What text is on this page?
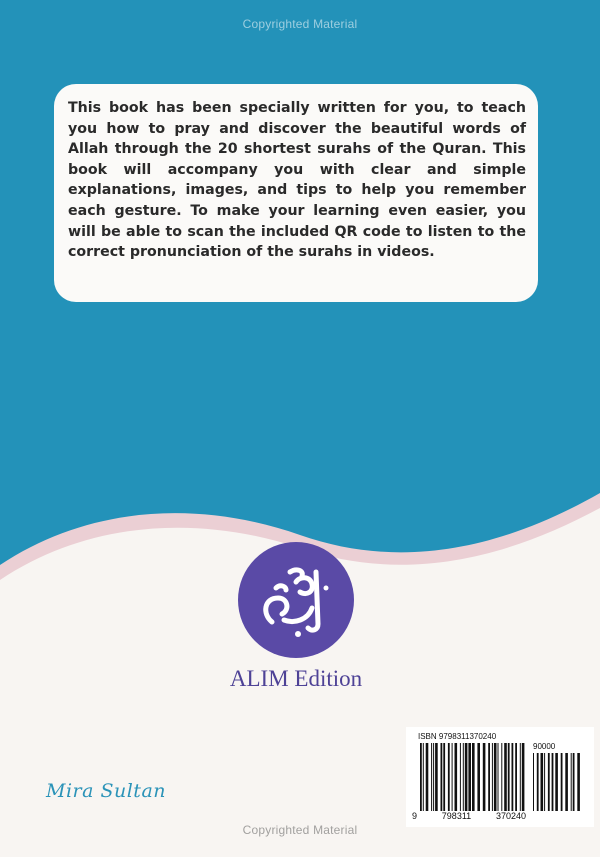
Copyrighted Material

This book has been specially written for you, to teach you how to pray and discover the beautiful words of Allah through the 20 shortest surahs of the Quran. This book will accompany you with clear and simple explanations, images, and tips to help you remember each gesture. To make your learning even easier, you will be able to scan the included QR code to listen to the correct pronunciation of the surahs in videos.

علم
ALIM Edition
Mira Sultan
ISBN 9798311370240
90000
9	798311	370240
Copyrighted Material
